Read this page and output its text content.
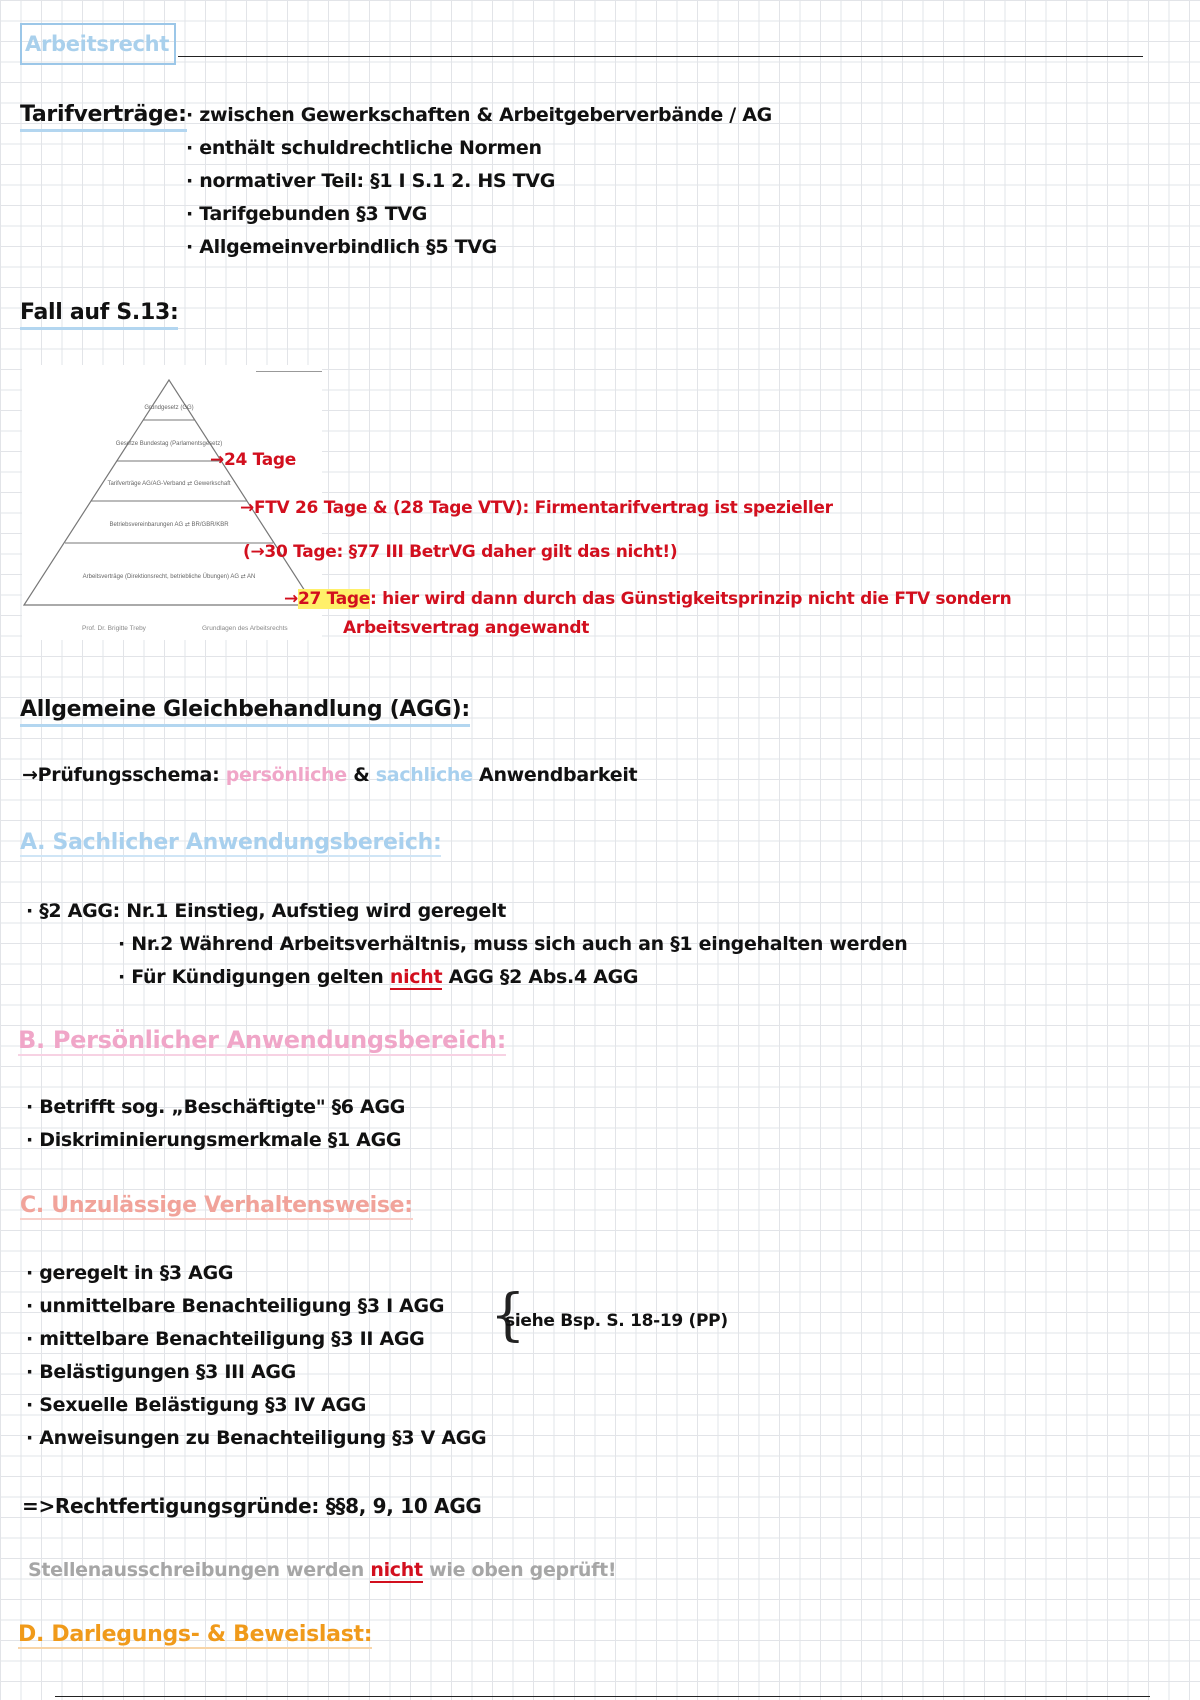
Arbeitsrecht
Tarifverträge: · zwischen Gewerkschaften & Arbeitgeberverbände / AG
· enthält schuldrechtliche Normen
· normativer Teil: §1 I S.1 2. HS TVG
· Tarifgebunden §3 TVG
· Allgemeinverbindlich §5 TVG
Fall auf S.13:
Grundgesetz (GG)
Gesetze Bundestag (Parlamentsgesetz)
Tarifverträge AG/AG-Verband ⇄ Gewerkschaft
Betriebsvereinbarungen AG ⇄ BR/GBR/KBR
Arbeitsverträge (Direktionsrecht, betriebliche Übungen) AG ⇄ AN
Prof. Dr. Brigitte Treby	Grundlagen des Arbeitsrechts
→24 Tage
→FTV 26 Tage & (28 Tage VTV): Firmentarifvertrag ist spezieller
(→30 Tage: §77 III BetrVG daher gilt das nicht!)
→27 Tage: hier wird dann durch das Günstigkeitsprinzip nicht die FTV sondern
Arbeitsvertrag angewandt
Allgemeine Gleichbehandlung (AGG):
→Prüfungsschema: persönliche & sachliche Anwendbarkeit
A. Sachlicher Anwendungsbereich:
· §2 AGG: Nr.1 Einstieg, Aufstieg wird geregelt
· Nr.2 Während Arbeitsverhältnis, muss sich auch an §1 eingehalten werden
· Für Kündigungen gelten nicht AGG §2 Abs.4 AGG
B. Persönlicher Anwendungsbereich:
· Betrifft sog. „Beschäftigte" §6 AGG
· Diskriminierungsmerkmale §1 AGG
C. Unzulässige Verhaltensweise:
· geregelt in §3 AGG
· unmittelbare Benachteiligung §3 I AGG
· mittelbare Benachteiligung §3 II AGG
· Belästigungen §3 III AGG
· Sexuelle Belästigung §3 IV AGG
· Anweisungen zu Benachteiligung §3 V AGG
{
siehe Bsp. S. 18-19 (PP)
=>Rechtfertigungsgründe: §§8, 9, 10 AGG
Stellenausschreibungen werden nicht wie oben geprüft!
D. Darlegungs- & Beweislast:
